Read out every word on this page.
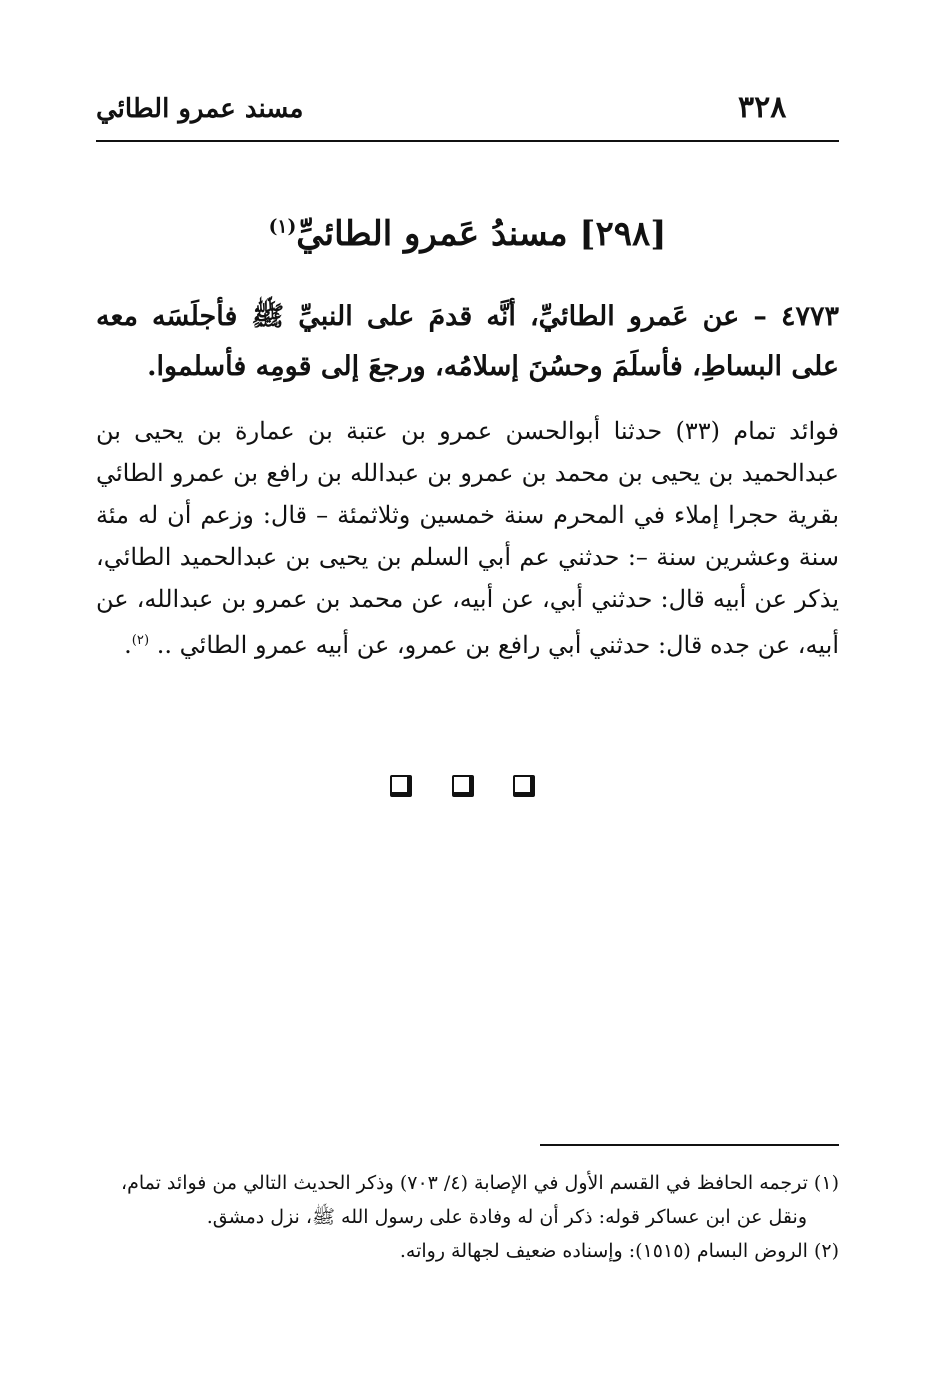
٣٢٨
مسند عمرو الطائي
[٢٩٨] مسندُ عَمرو الطائيِّ$^{(١)}$
٤٧٧٣ – عن عَمرو الطائيِّ، أنَّه قدمَ على النبيِّ ﷺ فأجلَسَه معه على البساطِ، فأسلَمَ وحسُنَ إسلامُه، ورجعَ إلى قومِه فأسلموا.
فوائد تمام (٣٣) حدثنا أبوالحسن عمرو بن عتبة بن عمارة بن يحيى بن عبدالحميد بن يحيى بن محمد بن عمرو بن عبدالله بن رافع بن عمرو الطائي بقرية حجرا إملاء في المحرم سنة خمسين وثلاثمئة – قال: وزعم أن له مئة سنة وعشرين سنة –: حدثني عم أبي السلم بن يحيى بن عبدالحميد الطائي، يذكر عن أبيه قال: حدثني أبي، عن أبيه، عن محمد بن عمرو بن عبدالله، عن أبيه، عن جده قال: حدثني أبي رافع بن عمرو، عن أبيه عمرو الطائي .. $^{(٢)}$.
(١) ترجمه الحافظ في القسم الأول في الإصابة (٤/ ٧٠٣) وذكر الحديث التالي من فوائد تمام،
ونقل عن ابن عساكر قوله: ذكر أن له وفادة على رسول الله ﷺ، نزل دمشق.
(٢) الروض البسام (١٥١٥): وإسناده ضعيف لجهالة رواته.
